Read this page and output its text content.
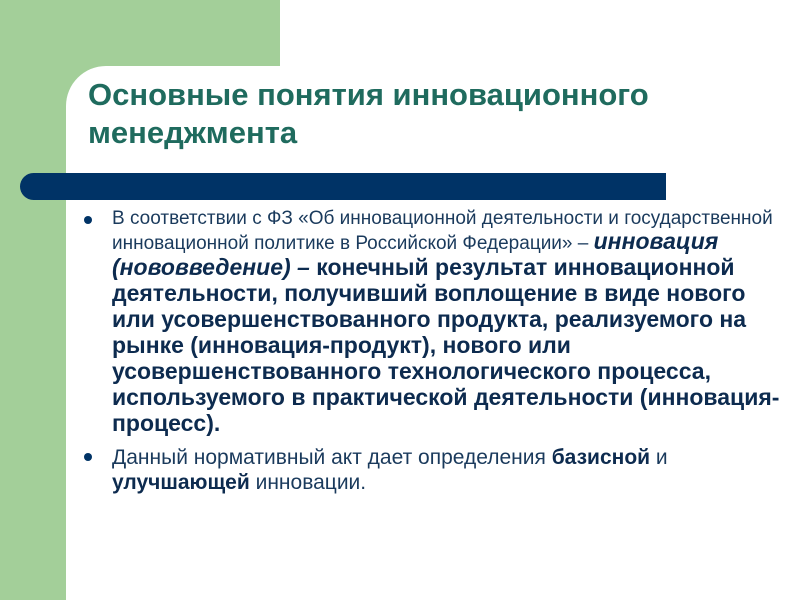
Основные понятия инновационного менеджмента
В соответствии с ФЗ «Об инновационной деятельности и государственной инновационной политике в Российской Федерации» – инновация (нововведение) – конечный результат инновационной деятельности, получивший воплощение в виде нового или усовершенствованного продукта, реализуемого на рынке (инновация-продукт), нового или усовершенствованного технологического процесса, используемого в практической деятельности (инновация-процесс).
Данный нормативный акт дает определения базисной и улучшающей инновации.
